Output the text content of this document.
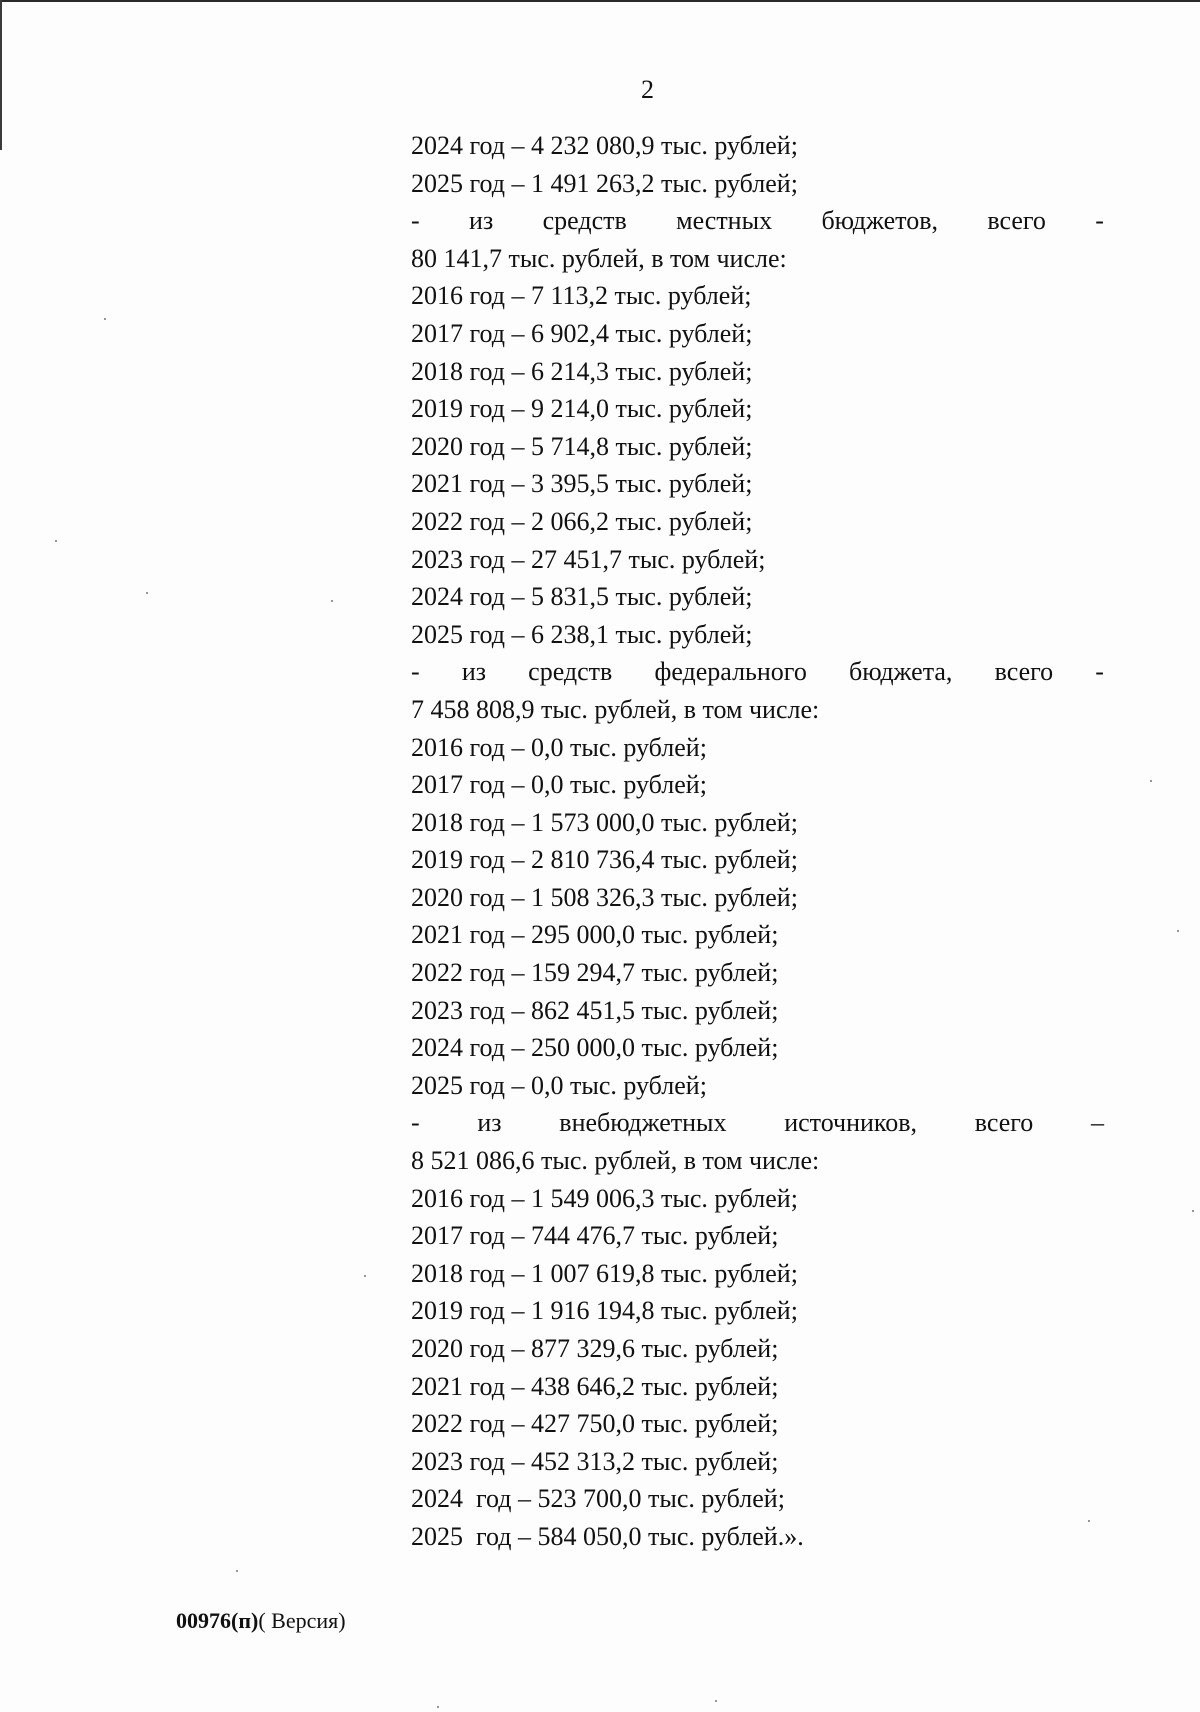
2
2024 год – 4 232 080,9 тыс. рублей;
2025 год – 1 491 263,2 тыс. рублей;
- из средств местных бюджетов, всего -
80 141,7 тыс. рублей, в том числе:
2016 год – 7 113,2 тыс. рублей;
2017 год – 6 902,4 тыс. рублей;
2018 год – 6 214,3 тыс. рублей;
2019 год – 9 214,0 тыс. рублей;
2020 год – 5 714,8 тыс. рублей;
2021 год – 3 395,5 тыс. рублей;
2022 год – 2 066,2 тыс. рублей;
2023 год – 27 451,7 тыс. рублей;
2024 год – 5 831,5 тыс. рублей;
2025 год – 6 238,1 тыс. рублей;
- из средств федерального бюджета, всего -
7 458 808,9 тыс. рублей, в том числе:
2016 год – 0,0 тыс. рублей;
2017 год – 0,0 тыс. рублей;
2018 год – 1 573 000,0 тыс. рублей;
2019 год – 2 810 736,4 тыс. рублей;
2020 год – 1 508 326,3 тыс. рублей;
2021 год – 295 000,0 тыс. рублей;
2022 год – 159 294,7 тыс. рублей;
2023 год – 862 451,5 тыс. рублей;
2024 год – 250 000,0 тыс. рублей;
2025 год – 0,0 тыс. рублей;
- из внебюджетных источников, всего –
8 521 086,6 тыс. рублей, в том числе:
2016 год – 1 549 006,3 тыс. рублей;
2017 год – 744 476,7 тыс. рублей;
2018 год – 1 007 619,8 тыс. рублей;
2019 год – 1 916 194,8 тыс. рублей;
2020 год – 877 329,6 тыс. рублей;
2021 год – 438 646,2 тыс. рублей;
2022 год – 427 750,0 тыс. рублей;
2023 год – 452 313,2 тыс. рублей;
2024  год – 523 700,0 тыс. рублей;
2025  год – 584 050,0 тыс. рублей.».
00976(п)( Версия)
